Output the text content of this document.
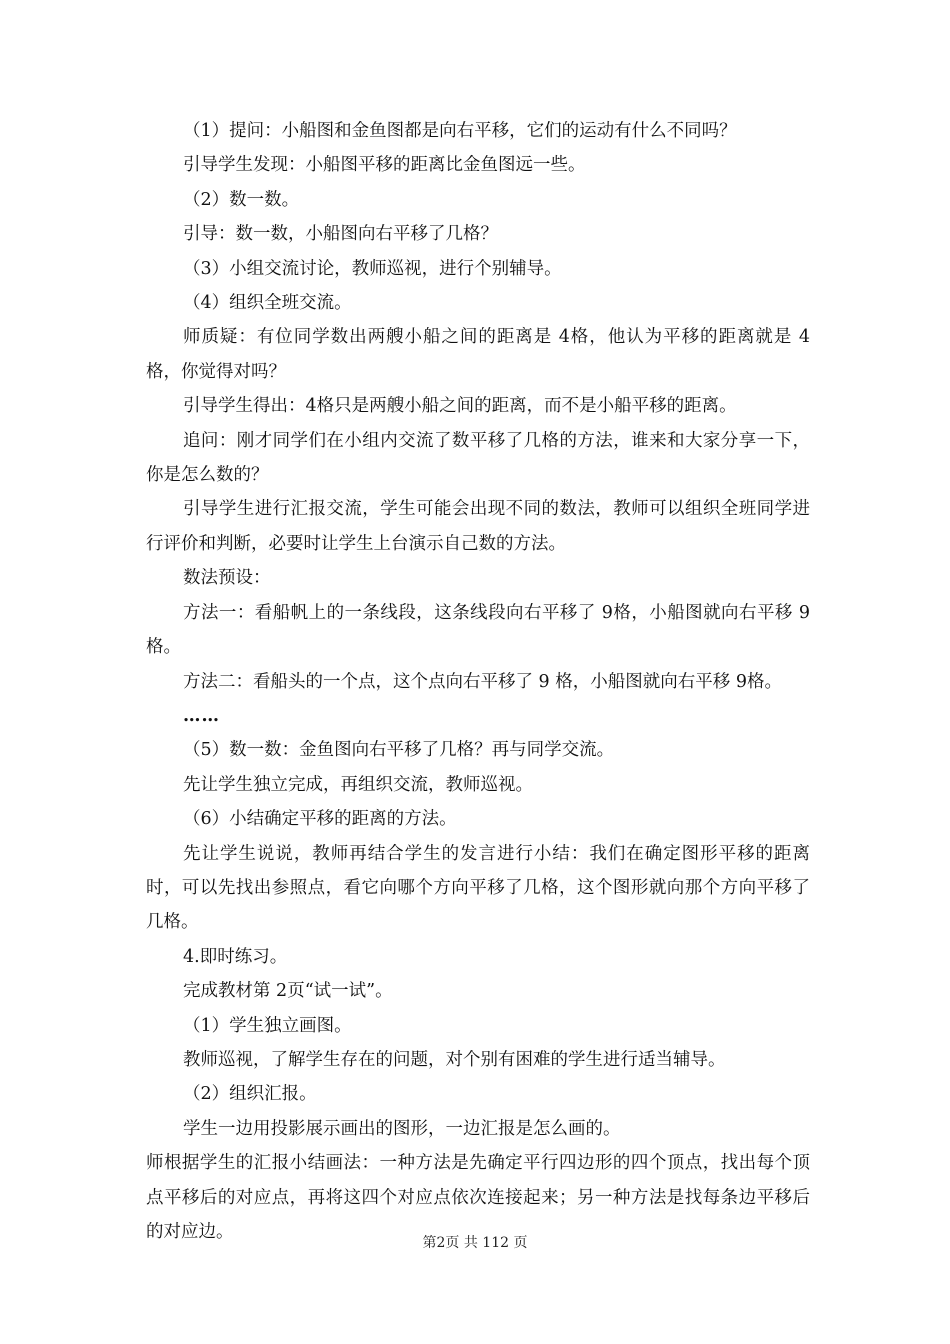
（1）提问：小船图和金鱼图都是向右平移，它们的运动有什么不同吗？

引导学生发现：小船图平移的距离比金鱼图远一些。

（2）数一数。

引导：数一数，小船图向右平移了几格？

（3）小组交流讨论，教师巡视，进行个别辅导。

（4）组织全班交流。

师质疑：有位同学数出两艘小船之间的距离是 4格，他认为平移的距离就是 4格，你觉得对吗？

引导学生得出：4格只是两艘小船之间的距离，而不是小船平移的距离。

追问：刚才同学们在小组内交流了数平移了几格的方法，谁来和大家分享一下，你是怎么数的？

引导学生进行汇报交流，学生可能会出现不同的数法，教师可以组织全班同学进行评价和判断，必要时让学生上台演示自己数的方法。

数法预设：

方法一：看船帆上的一条线段，这条线段向右平移了 9格，小船图就向右平移 9格。

方法二：看船头的一个点，这个点向右平移了 9 格，小船图就向右平移 9格。

……

（5）数一数：金鱼图向右平移了几格？再与同学交流。

先让学生独立完成，再组织交流，教师巡视。

（6）小结确定平移的距离的方法。

先让学生说说，教师再结合学生的发言进行小结：我们在确定图形平移的距离时，可以先找出参照点，看它向哪个方向平移了几格，这个图形就向那个方向平移了几格。

4.即时练习。

完成教材第 2页“试一试”。

（1）学生独立画图。

教师巡视，了解学生存在的问题，对个别有困难的学生进行适当辅导。

（2）组织汇报。

学生一边用投影展示画出的图形，一边汇报是怎么画的。

师根据学生的汇报小结画法：一种方法是先确定平行四边形的四个顶点，找出每个顶点平移后的对应点，再将这四个对应点依次连接起来；另一种方法是找每条边平移后的对应边。

第2页 共 112 页
